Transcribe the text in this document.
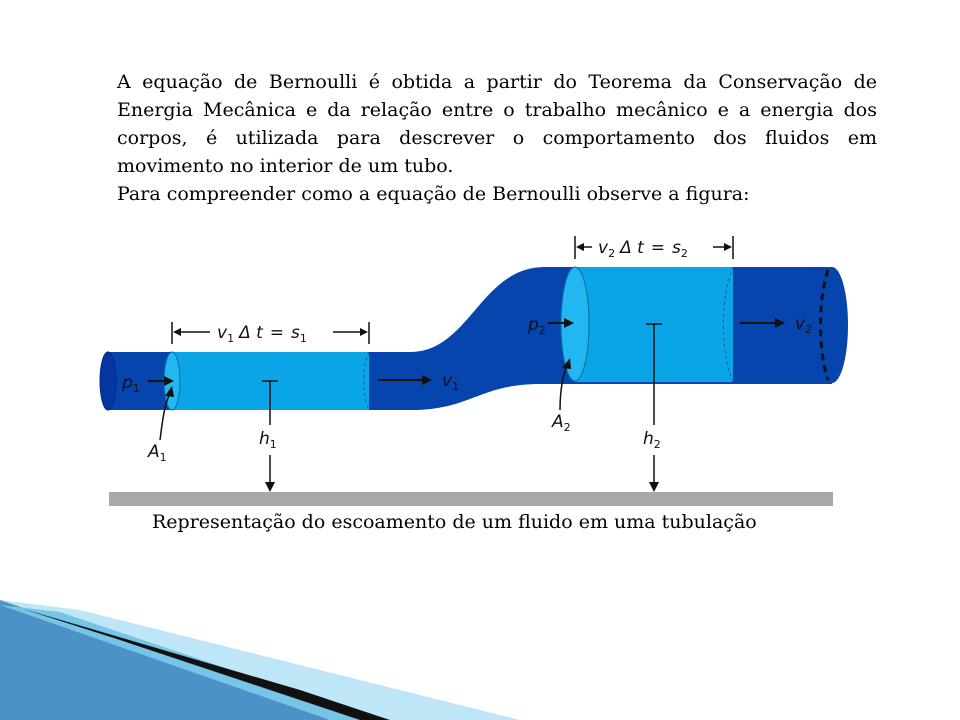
A equação de Bernoulli é obtida a partir do Teorema da Conservação de Energia Mecânica e da relação entre o trabalho mecânico e a energia dos corpos, é utilizada para descrever o comportamento dos fluidos em movimento no interior de um tubo.
Para compreender como a equação de Bernoulli observe a figura:
$v_1$ Δ $t = s_1$
$v_2$ Δ $t = s_2$
$p_1$	$v_1$
$p_2$	$v_2$
$A_1$
$A_2$
$h_1$	$h_2$
Representação do escoamento de um fluido em uma tubulação
